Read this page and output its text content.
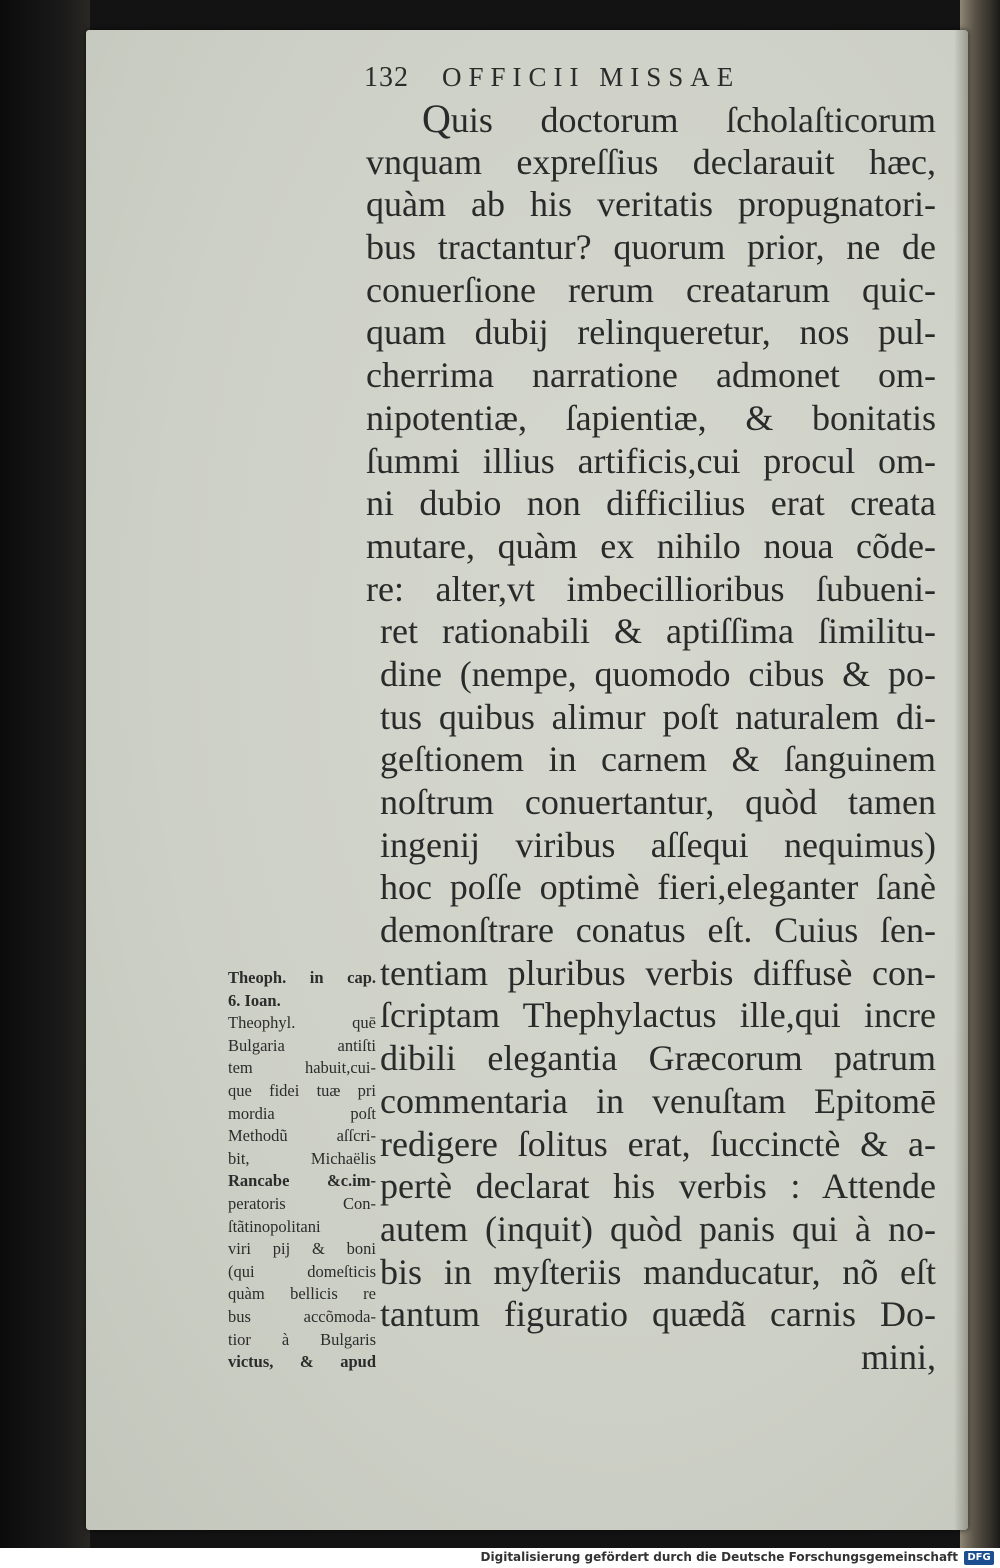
132 OFFICII MISSAE
Quis doctorum ſcholaſticorum
vnquam expreſſius declarauit hæc,
quàm ab his veritatis propugnatori-
bus tractantur? quorum prior, ne de
conuerſione rerum creatarum quic-
quam dubij relinqueretur, nos pul-
cherrima narratione admonet om-
nipotentiæ, ſapientiæ, & bonitatis
ſummi illius artificis,cui procul om-
ni dubio non difficilius erat creata
mutare, quàm ex nihilo noua cõde-
re: alter,vt imbecillioribus ſubueni-
ret rationabili & aptiſſima ſimilitu-
dine (nempe, quomodo cibus & po-
tus quibus alimur poſt naturalem di-
geſtionem in carnem & ſanguinem
noſtrum conuertantur, quòd tamen
ingenij viribus aſſequi nequimus)
hoc poſſe optimè fieri,eleganter ſanè
demonſtrare conatus eſt. Cuius ſen-
tentiam pluribus verbis diffusè con-
ſcriptam Thephylactus ille,qui incre
dibili elegantia Græcorum patrum
commentaria in venuſtam Epitomē
redigere ſolitus erat, ſuccinctè & a-
pertè declarat his verbis : Attende
autem (inquit) quòd panis qui à no-
bis in myſteriis manducatur, nõ eſt
tantum figuratio quædã carnis Do-
mini,
Theoph. in cap.
6. Ioan.
Theophyl. quē
Bulgaria antiſti
tem habuit,cui-
que fidei tuæ pri
mordia poſt
Methodũ aſſcri-
bit, Michaëlis
Rancabe &c.im-
peratoris Con-
ſtãtinopolitani
viri pij & boni
(qui domeſticis
quàm bellicis re
bus accõmoda-
tior à Bulgaris
victus, & apud
Digitalisierung gefördert durch die Deutsche Forschungsgemeinschaft DFG
